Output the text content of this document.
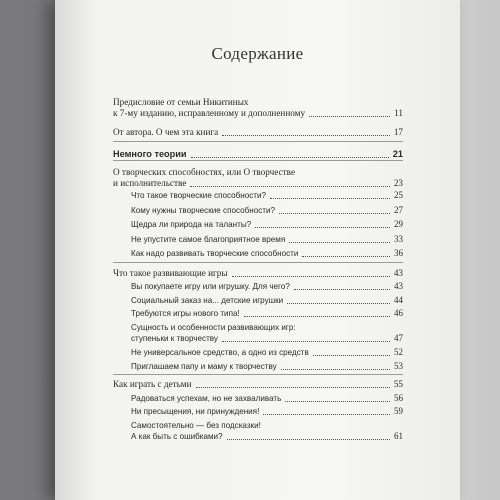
Содержание
Предисловие от семьи Никитиных
к 7-му изданию, исправленному и дополненному	11
От автора. О чем эта книга	17
Немного теории	21
О творческих способностях, или О творчестве
и исполнительстве	23
Что такое творческие способности?	25
Кому нужны творческие способности?	27
Щедра ли природа на таланты?	29
Не упустите самое благоприятное время	33
Как надо развивать творческие способности	36
Что такое развивающие игры	43
Вы покупаете игру или игрушку. Для чего?	43
Социальный заказ на... детские игрушки	44
Требуются игры нового типа!	46
Сущность и особенности развивающих игр:
ступеньки к творчеству	47
Не универсальное средство, а одно из средств	52
Приглашаем папу и маму к творчеству	53
Как играть с детьми	55
Радоваться успехам, но не захваливать	56
Ни пресыщения, ни принуждения!	59
Самостоятельно — без подсказки!
А как быть с ошибками?	61
